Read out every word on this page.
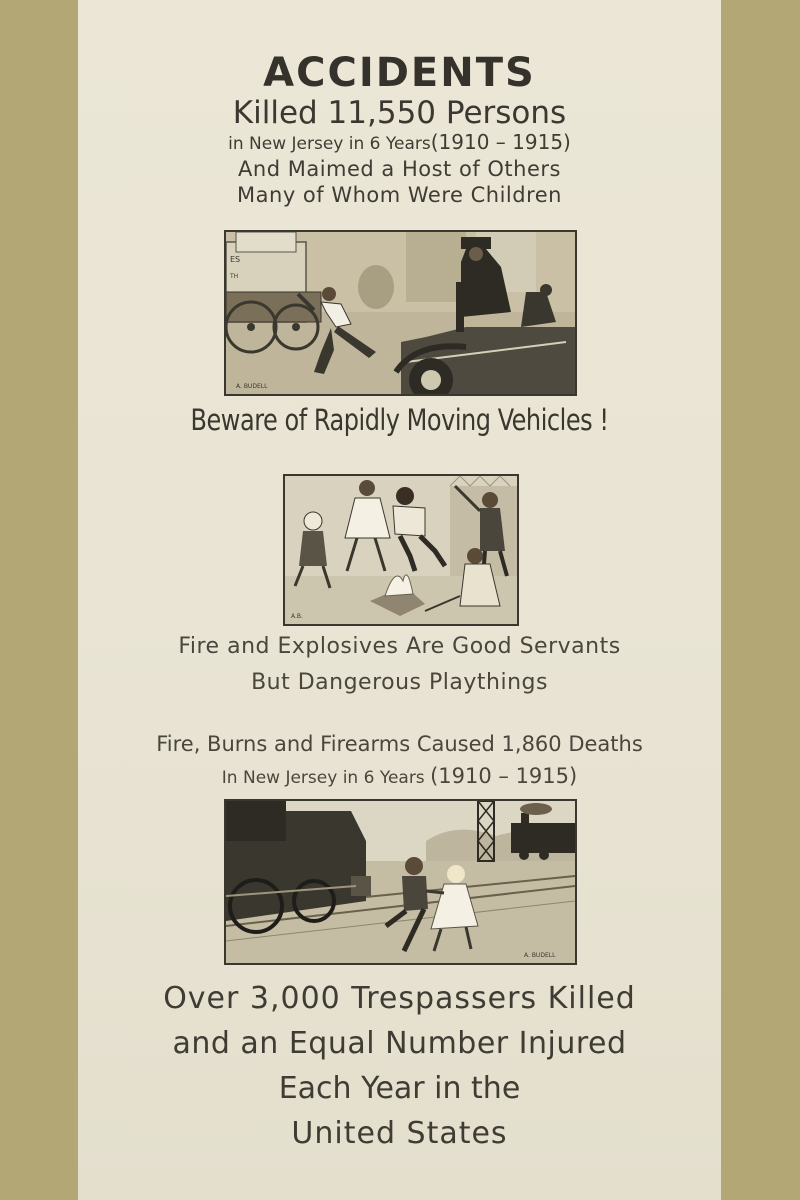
ACCIDENTS
Killed 11,550 Persons
in New Jersey in 6 Years(1910 – 1915)
And Maimed a Host of Others
Many of Whom Were Children
ES
TH
A. BUDELL
Beware of Rapidly Moving Vehicles !
A.B.
Fire and Explosives Are Good Servants
But Dangerous Playthings
Fire, Burns and Firearms Caused 1,860 Deaths
In New Jersey in 6 Years (1910 – 1915)
A. BUDELL
Over 3,000 Trespassers Killed
and an Equal Number Injured
Each Year in the
United States
